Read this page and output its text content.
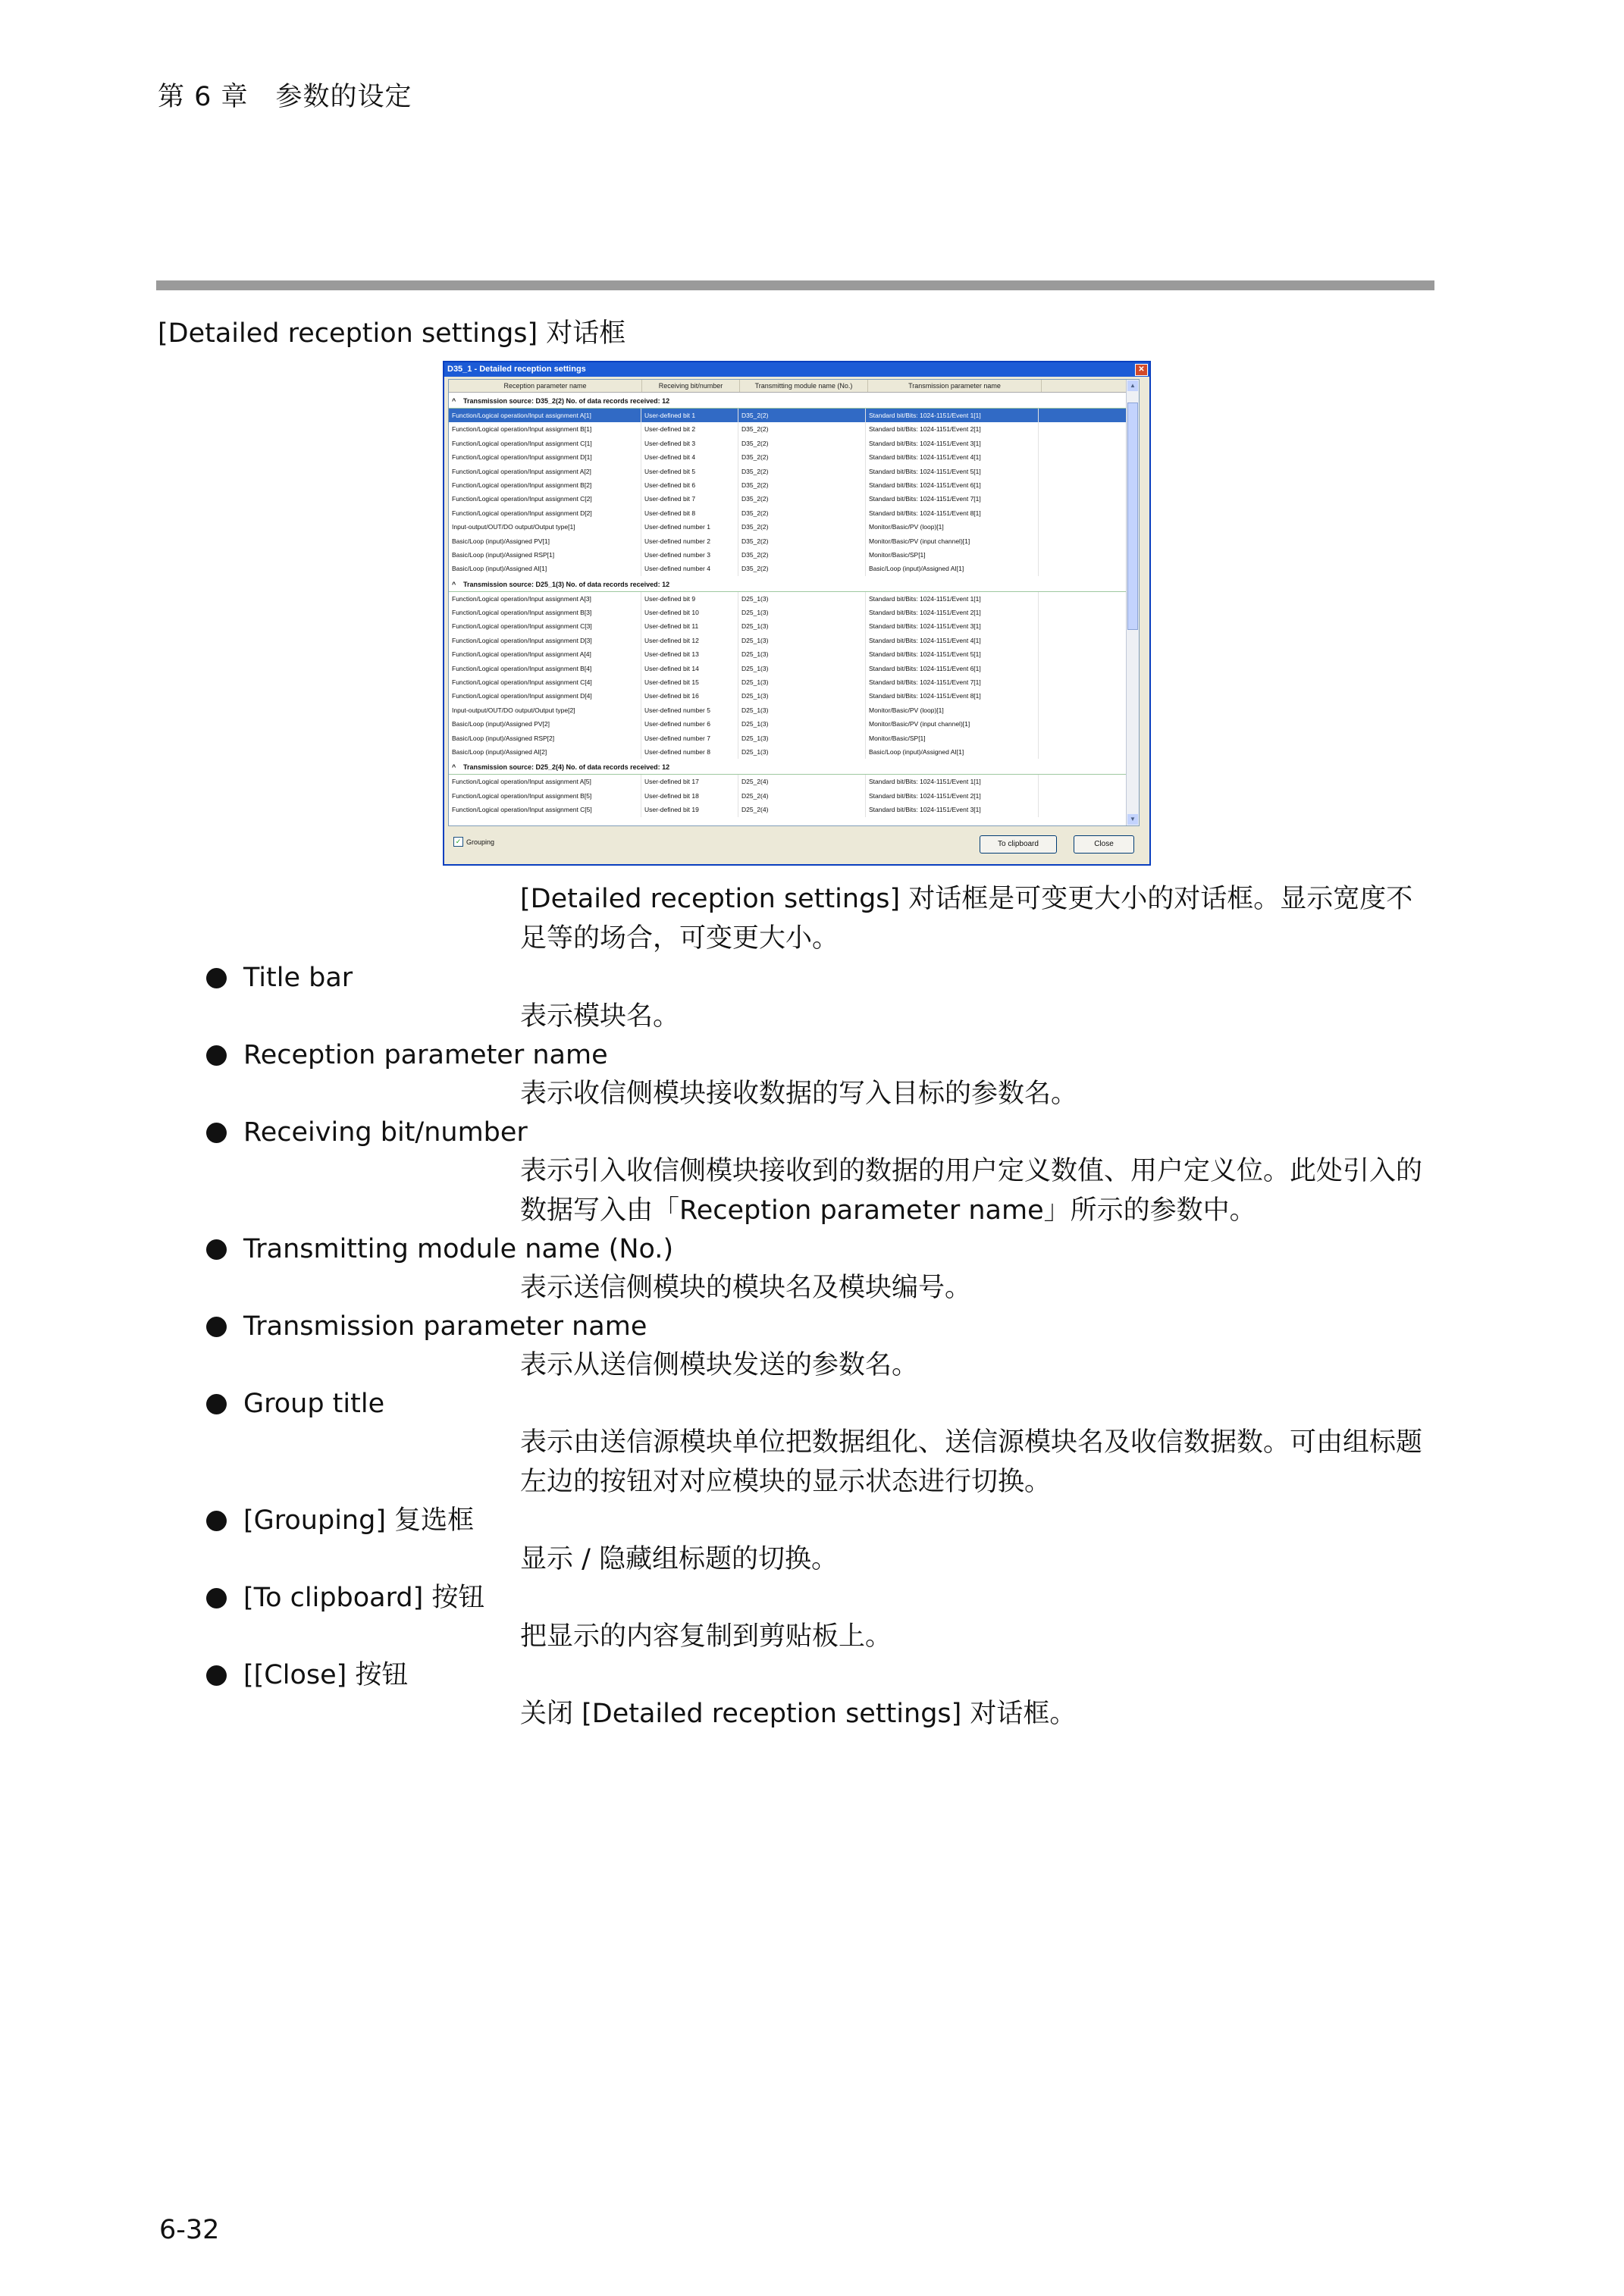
第 6 章　参数的设定
[Detailed reception settings] 对话框
D35_1 - Detailed reception settings	✕
Reception parameter name	Receiving bit/number	Transmitting module name (No.)	Transmission parameter name
^	Transmission source: D35_2(2) No. of data records received: 12
Function/Logical operation/Input assignment A[1]	User-defined bit 1	D35_2(2)	Standard bit/Bits: 1024-1151/Event 1[1]
Function/Logical operation/Input assignment B[1]	User-defined bit 2	D35_2(2)	Standard bit/Bits: 1024-1151/Event 2[1]
Function/Logical operation/Input assignment C[1]	User-defined bit 3	D35_2(2)	Standard bit/Bits: 1024-1151/Event 3[1]
Function/Logical operation/Input assignment D[1]	User-defined bit 4	D35_2(2)	Standard bit/Bits: 1024-1151/Event 4[1]
Function/Logical operation/Input assignment A[2]	User-defined bit 5	D35_2(2)	Standard bit/Bits: 1024-1151/Event 5[1]
Function/Logical operation/Input assignment B[2]	User-defined bit 6	D35_2(2)	Standard bit/Bits: 1024-1151/Event 6[1]
Function/Logical operation/Input assignment C[2]	User-defined bit 7	D35_2(2)	Standard bit/Bits: 1024-1151/Event 7[1]
Function/Logical operation/Input assignment D[2]	User-defined bit 8	D35_2(2)	Standard bit/Bits: 1024-1151/Event 8[1]
Input-output/OUT/DO output/Output type[1]	User-defined number 1	D35_2(2)	Monitor/Basic/PV (loop)[1]
Basic/Loop (input)/Assigned PV[1]	User-defined number 2	D35_2(2)	Monitor/Basic/PV (input channel)[1]
Basic/Loop (input)/Assigned RSP[1]	User-defined number 3	D35_2(2)	Monitor/Basic/SP[1]
Basic/Loop (input)/Assigned AI[1]	User-defined number 4	D35_2(2)	Basic/Loop (input)/Assigned AI[1]
^	Transmission source: D25_1(3) No. of data records received: 12
Function/Logical operation/Input assignment A[3]	User-defined bit 9	D25_1(3)	Standard bit/Bits: 1024-1151/Event 1[1]
Function/Logical operation/Input assignment B[3]	User-defined bit 10	D25_1(3)	Standard bit/Bits: 1024-1151/Event 2[1]
Function/Logical operation/Input assignment C[3]	User-defined bit 11	D25_1(3)	Standard bit/Bits: 1024-1151/Event 3[1]
Function/Logical operation/Input assignment D[3]	User-defined bit 12	D25_1(3)	Standard bit/Bits: 1024-1151/Event 4[1]
Function/Logical operation/Input assignment A[4]	User-defined bit 13	D25_1(3)	Standard bit/Bits: 1024-1151/Event 5[1]
Function/Logical operation/Input assignment B[4]	User-defined bit 14	D25_1(3)	Standard bit/Bits: 1024-1151/Event 6[1]
Function/Logical operation/Input assignment C[4]	User-defined bit 15	D25_1(3)	Standard bit/Bits: 1024-1151/Event 7[1]
Function/Logical operation/Input assignment D[4]	User-defined bit 16	D25_1(3)	Standard bit/Bits: 1024-1151/Event 8[1]
Input-output/OUT/DO output/Output type[2]	User-defined number 5	D25_1(3)	Monitor/Basic/PV (loop)[1]
Basic/Loop (input)/Assigned PV[2]	User-defined number 6	D25_1(3)	Monitor/Basic/PV (input channel)[1]
Basic/Loop (input)/Assigned RSP[2]	User-defined number 7	D25_1(3)	Monitor/Basic/SP[1]
Basic/Loop (input)/Assigned AI[2]	User-defined number 8	D25_1(3)	Basic/Loop (input)/Assigned AI[1]
^	Transmission source: D25_2(4) No. of data records received: 12
Function/Logical operation/Input assignment A[5]	User-defined bit 17	D25_2(4)	Standard bit/Bits: 1024-1151/Event 1[1]
Function/Logical operation/Input assignment B[5]	User-defined bit 18	D25_2(4)	Standard bit/Bits: 1024-1151/Event 2[1]
Function/Logical operation/Input assignment C[5]	User-defined bit 19	D25_2(4)	Standard bit/Bits: 1024-1151/Event 3[1]
▲
▼
✓ Grouping	To clipboard	Close
[Detailed reception settings] 对话框是可变更大小的对话框。显示宽度不足等的场合，可变更大小。
Title bar
表示模块名。
Reception parameter name
表示收信侧模块接收数据的写入目标的参数名。
Receiving bit/number
表示引入收信侧模块接收到的数据的用户定义数值、用户定义位。此处引入的数据写入由「Reception parameter name」所示的参数中。
Transmitting module name (No.)
表示送信侧模块的模块名及模块编号。
Transmission parameter name
表示从送信侧模块发送的参数名。
Group title
表示由送信源模块单位把数据组化、送信源模块名及收信数据数。可由组标题左边的按钮对对应模块的显示状态进行切换。
[Grouping] 复选框
显示 / 隐藏组标题的切换。
[To clipboard] 按钮
把显示的内容复制到剪贴板上。
[[Close] 按钮
关闭 [Detailed reception settings] 对话框。
6-32
